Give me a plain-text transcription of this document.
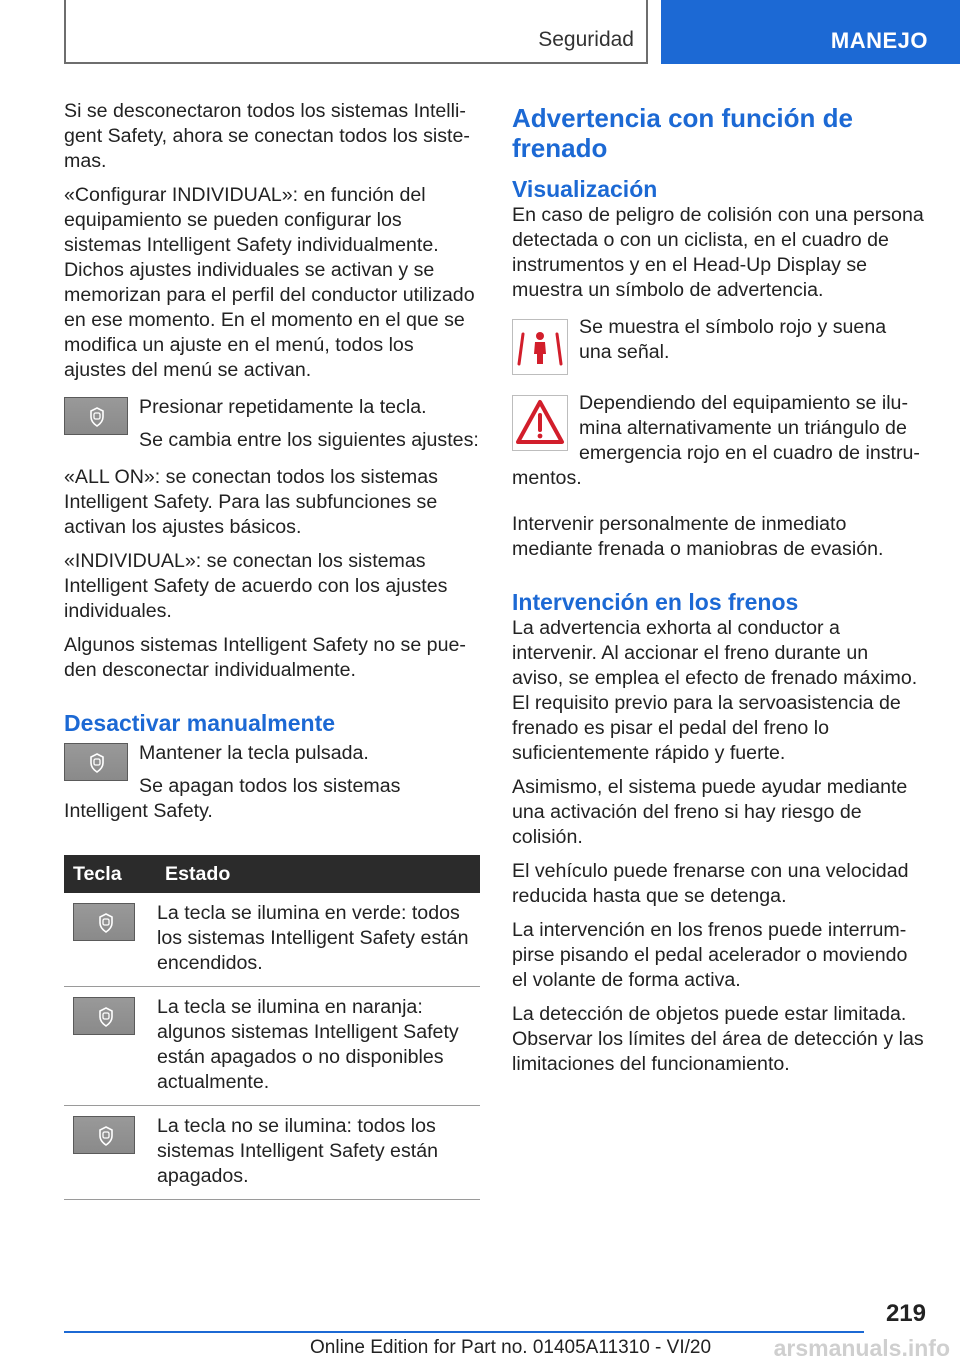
Seguridad	MANEJO

Si se desconectaron todos los sistemas Intelligent Safety, ahora se conectan todos los sistemas.

«Configurar INDIVIDUAL»: en función del equipamiento se pueden configurar los sistemas Intelligent Safety individualmente. Dichos ajustes individuales se activan y se memorizan para el perfil del conductor utilizado en ese momento. En el momento en el que se modifica un ajuste en el menú, todos los ajustes del menú se activan.

Presionar repetidamente la tecla.

Se cambia entre los siguientes ajustes:

«ALL ON»: se conectan todos los sistemas Intelligent Safety. Para las subfunciones se activan los ajustes básicos.

«INDIVIDUAL»: se conectan los sistemas Intelligent Safety de acuerdo con los ajustes individuales.

Algunos sistemas Intelligent Safety no se pueden desconectar individualmente.

Desactivar manualmente

Mantener la tecla pulsada.

Se apagan todos los sistemas Intelligent Safety.

Tecla	Estado

	La tecla se ilumina en verde: todos los sistemas Intelligent Safety están encendidos.

	La tecla se ilumina en naranja: algunos sistemas Intelligent Safety están apagados o no disponibles actualmente.

	La tecla no se ilumina: todos los sistemas Intelligent Safety están apagados.
Advertencia con función de frenado
Visualización

En caso de peligro de colisión con una persona detectada o con un ciclista, en el cuadro de instrumentos y en el Head-Up Display se muestra un símbolo de advertencia.

Se muestra el símbolo rojo y suena una señal.

Dependiendo del equipamiento se ilumina alternativamente un triángulo de emergencia rojo en el cuadro de instrumentos.

Intervenir personalmente de inmediato mediante frenada o maniobras de evasión.

Intervención en los frenos

La advertencia exhorta al conductor a intervenir. Al accionar el freno durante un aviso, se emplea el efecto de frenado máximo. El requisito previo para la servoasistencia de frenado es pisar el pedal del freno lo suficientemente rápido y fuerte.

Asimismo, el sistema puede ayudar mediante una activación del freno si hay riesgo de colisión.

El vehículo puede frenarse con una velocidad reducida hasta que se detenga.

La intervención en los frenos puede interrumpirse pisando el pedal acelerador o moviendo el volante de forma activa.

La detección de objetos puede estar limitada. Observar los límites del área de detección y las limitaciones del funcionamiento.

219
Online Edition for Part no. 01405A11310 - VI/20	arsmanuals.info
